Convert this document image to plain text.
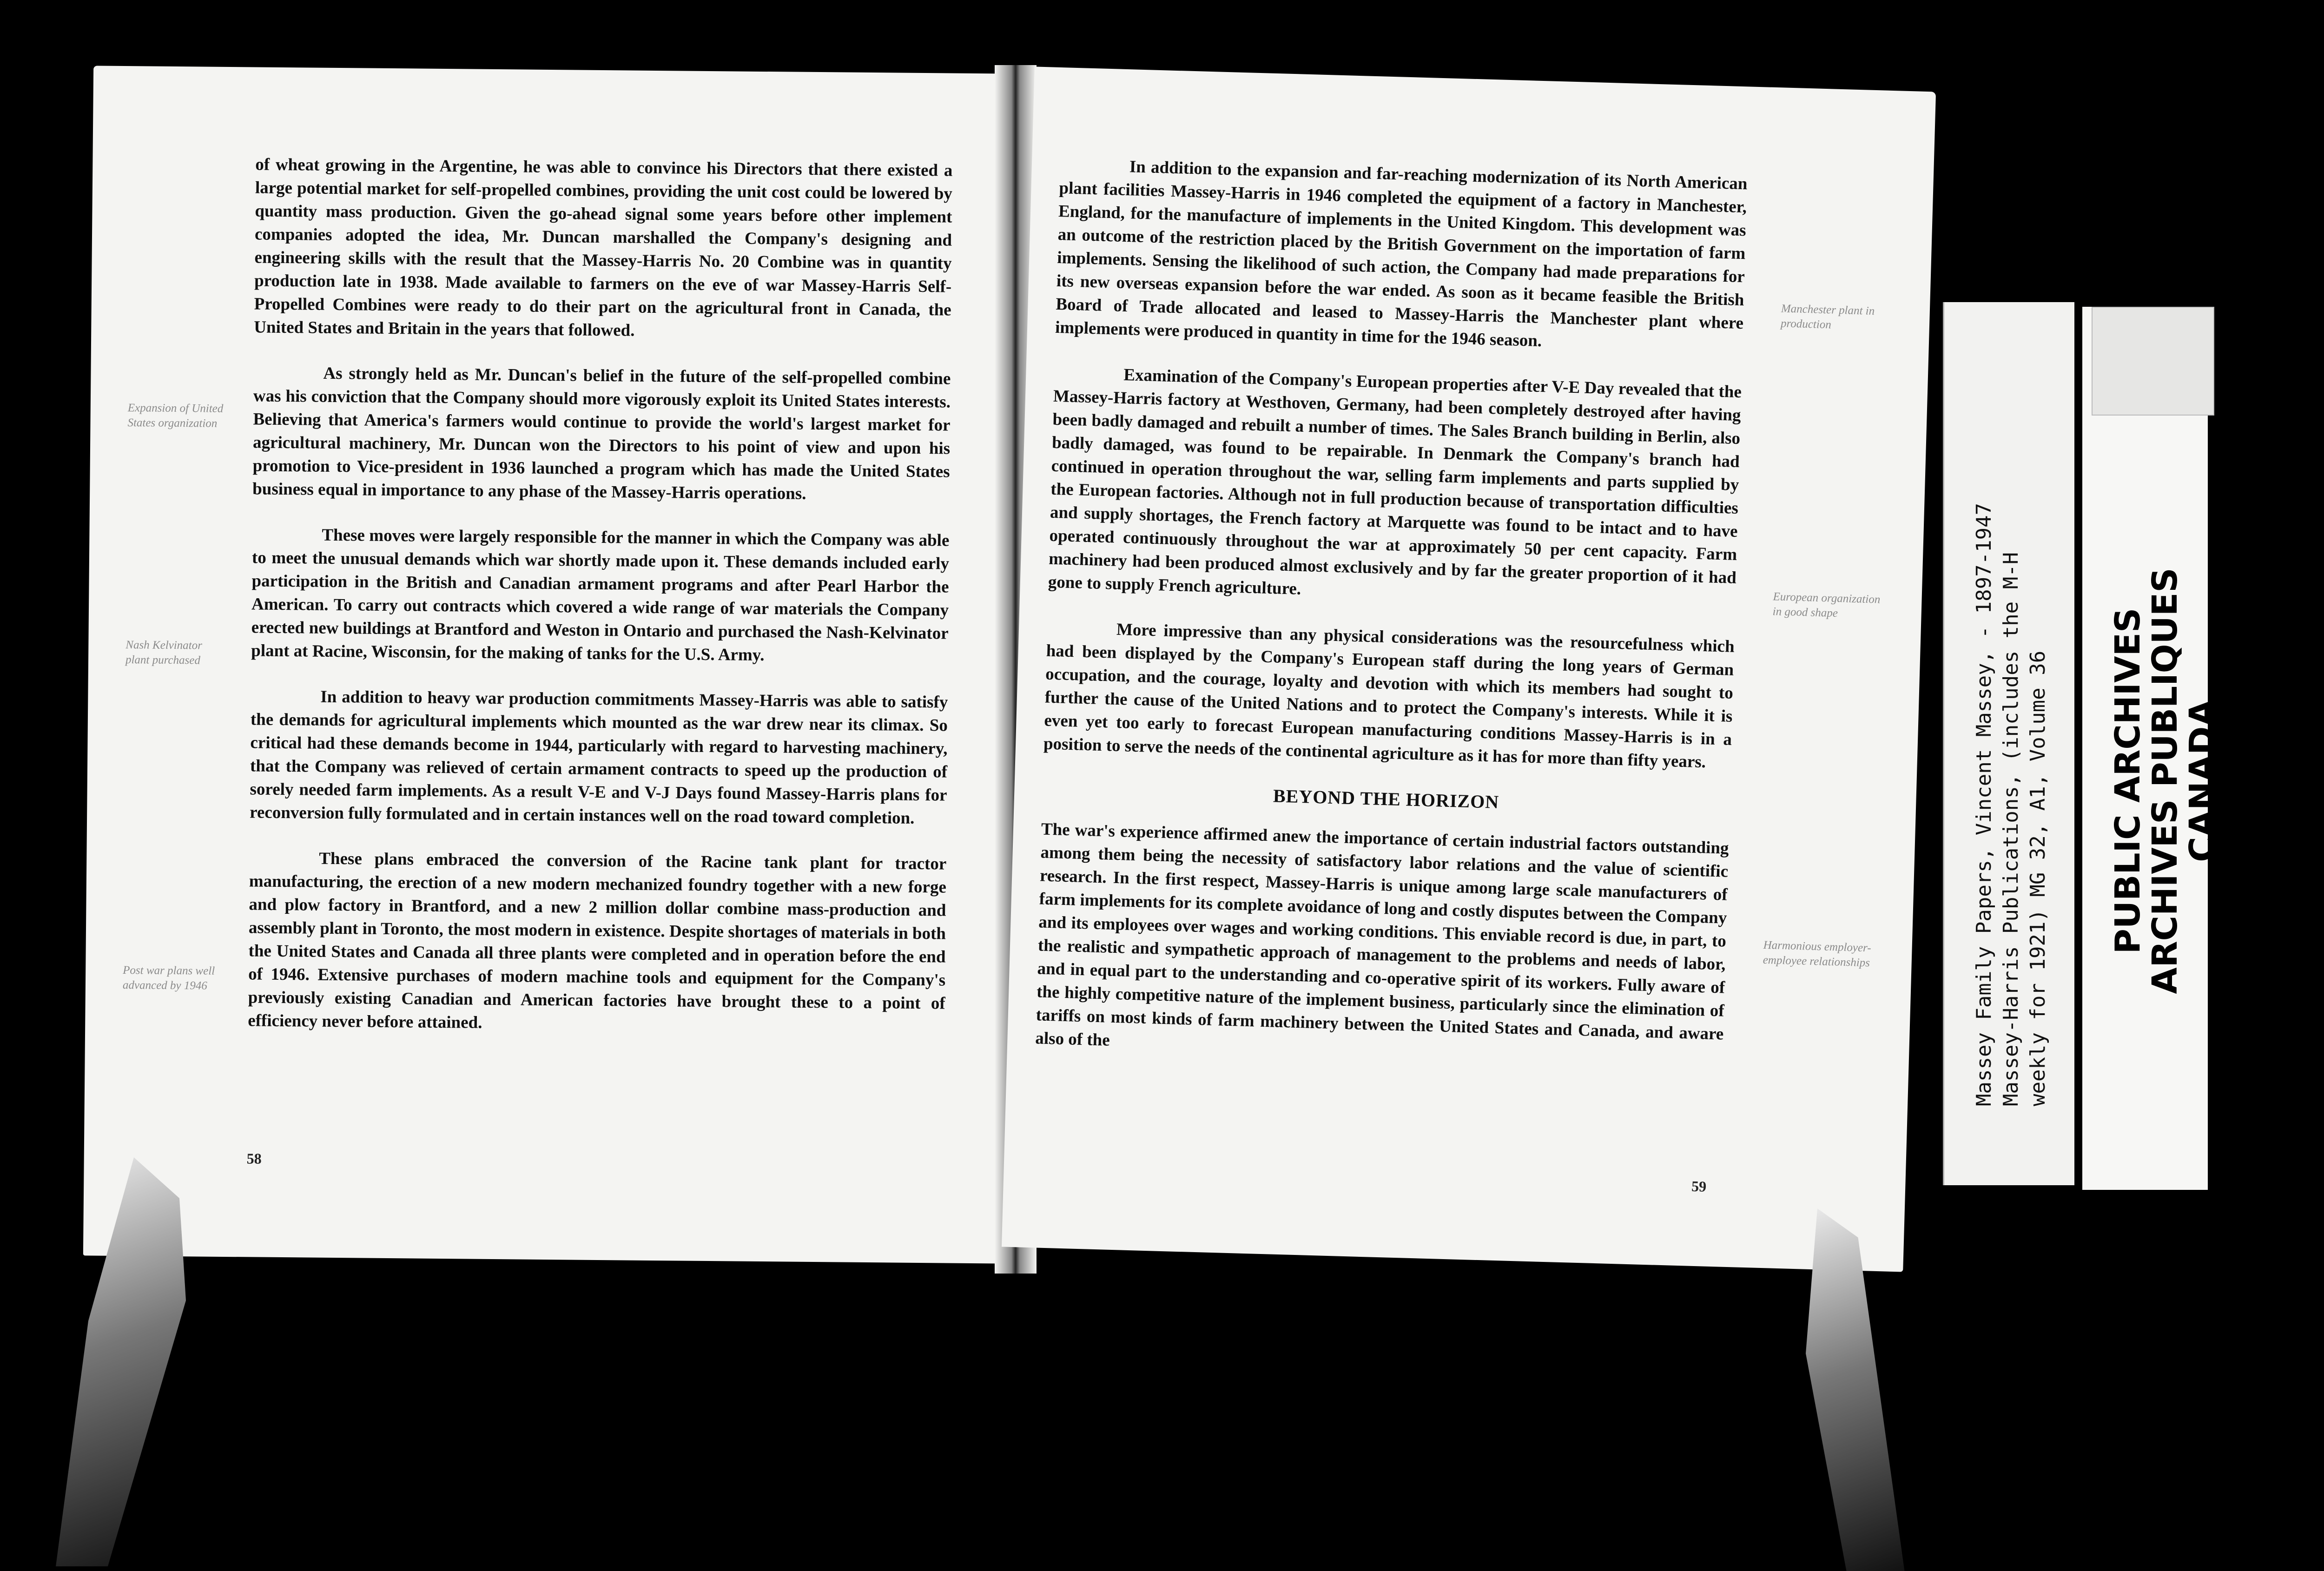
of wheat growing in the Argentine, he was able to convince his Directors that there existed a large potential market for self-propelled combines, providing the unit cost could be lowered by quantity mass production. Given the go-ahead signal some years before other implement companies adopted the idea, Mr. Duncan marshalled the Company's designing and engineering skills with the result that the Massey-Harris No. 20 Combine was in quantity production late in 1938. Made available to farmers on the eve of war Massey-Harris Self-Propelled Combines were ready to do their part on the agricultural front in Canada, the United States and Britain in the years that followed.

As strongly held as Mr. Duncan's belief in the future of the self-propelled combine was his conviction that the Company should more vigorously exploit its United States interests. Believing that America's farmers would continue to provide the world's largest market for agricultural machinery, Mr. Duncan won the Directors to his point of view and upon his promotion to Vice-president in 1936 launched a program which has made the United States business equal in importance to any phase of the Massey-Harris operations.

These moves were largely responsible for the manner in which the Company was able to meet the unusual demands which war shortly made upon it. These demands included early participation in the British and Canadian armament programs and after Pearl Harbor the American. To carry out contracts which covered a wide range of war materials the Company erected new buildings at Brantford and Weston in Ontario and purchased the Nash-Kelvinator plant at Racine, Wisconsin, for the making of tanks for the U.S. Army.

In addition to heavy war production commitments Massey-Harris was able to satisfy the demands for agricultural implements which mounted as the war drew near its climax. So critical had these demands become in 1944, particularly with regard to harvesting machinery, that the Company was relieved of certain armament contracts to speed up the production of sorely needed farm implements. As a result V-E and V-J Days found Massey-Harris plans for reconversion fully formulated and in certain instances well on the road toward completion.

These plans embraced the conversion of the Racine tank plant for tractor manufacturing, the erection of a new modern mechanized foundry together with a new forge and plow factory in Brantford, and a new 2 million dollar combine mass-production and assembly plant in Toronto, the most modern in existence. Despite shortages of materials in both the United States and Canada all three plants were completed and in operation before the end of 1946. Extensive purchases of modern machine tools and equipment for the Company's previously existing Canadian and American factories have brought these to a point of efficiency never before attained.

Expansion of United States organization
Nash Kelvinator plant purchased
Post war plans well advanced by 1946
58

In addition to the expansion and far-reaching modernization of its North American plant facilities Massey-Harris in 1946 completed the equipment of a factory in Manchester, England, for the manufacture of implements in the United Kingdom. This development was an outcome of the restriction placed by the British Government on the importation of farm implements. Sensing the likelihood of such action, the Company had made preparations for its new overseas expansion before the war ended. As soon as it became feasible the British Board of Trade allocated and leased to Massey-Harris the Manchester plant where implements were produced in quantity in time for the 1946 season.

Examination of the Company's European properties after V-E Day revealed that the Massey-Harris factory at Westhoven, Germany, had been completely destroyed after having been badly damaged and rebuilt a number of times. The Sales Branch building in Berlin, also badly damaged, was found to be repairable. In Denmark the Company's branch had continued in operation throughout the war, selling farm implements and parts supplied by the European factories. Although not in full production because of transportation difficulties and supply shortages, the French factory at Marquette was found to be intact and to have operated continuously throughout the war at approximately 50 per cent capacity. Farm machinery had been produced almost exclusively and by far the greater proportion of it had gone to supply French agriculture.

More impressive than any physical considerations was the resourcefulness which had been displayed by the Company's European staff during the long years of German occupation, and the courage, loyalty and devotion with which its members had sought to further the cause of the United Nations and to protect the Company's interests. While it is even yet too early to forecast European manufacturing conditions Massey-Harris is in a position to serve the needs of the continental agriculture as it has for more than fifty years.

BEYOND THE HORIZON

The war's experience affirmed anew the importance of certain industrial factors outstanding among them being the necessity of satisfactory labor relations and the value of scientific research. In the first respect, Massey-Harris is unique among large scale manufacturers of farm implements for its complete avoidance of long and costly disputes between the Company and its employees over wages and working conditions. This enviable record is due, in part, to the realistic and sympathetic approach of management to the problems and needs of labor, and in equal part to the understanding and co-operative spirit of its workers. Fully aware of the highly competitive nature of the implement business, particularly since the elimination of tariffs on most kinds of farm machinery between the United States and Canada, and aware also of the

Manchester plant in production
European organization in good shape
Harmonious employer-employee relationships
59
Massey Family Papers, Vincent Massey, - 1897-1947 Massey-Harris Publications, (includes the M-H weekly for 1921) MG 32, A1, Volume 36 PUBLIC ARCHIVES
ARCHIVES PUBLIQUES
CANADA
